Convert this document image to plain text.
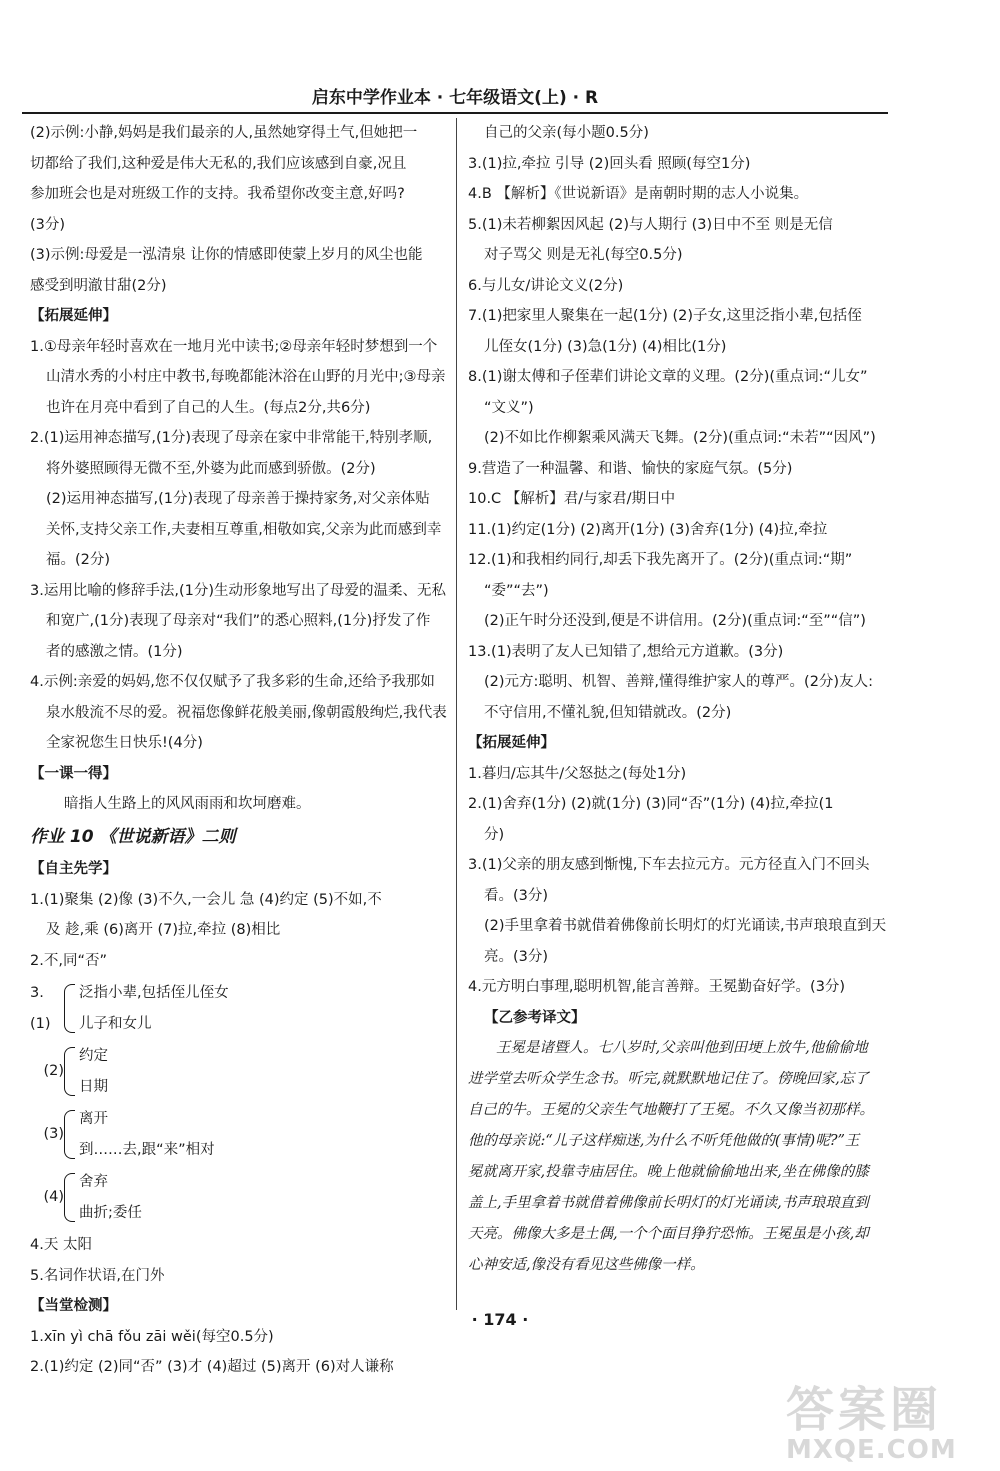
启东中学作业本 · 七年级语文(上) · R

(2)示例:小静,妈妈是我们最亲的人,虽然她穿得土气,但她把一

切都给了我们,这种爱是伟大无私的,我们应该感到自豪,况且

参加班会也是对班级工作的支持。我希望你改变主意,好吗?

(3分)

(3)示例:母爱是一泓清泉 让你的情感即使蒙上岁月的风尘也能

感受到明澈甘甜(2分)

【拓展延伸】

1.①母亲年轻时喜欢在一地月光中读书;②母亲年轻时梦想到一个

山清水秀的小村庄中教书,每晚都能沐浴在山野的月光中;③母亲

也许在月亮中看到了自己的人生。(每点2分,共6分)

2.(1)运用神态描写,(1分)表现了母亲在家中非常能干,特别孝顺,

将外婆照顾得无微不至,外婆为此而感到骄傲。(2分)

(2)运用神态描写,(1分)表现了母亲善于操持家务,对父亲体贴

关怀,支持父亲工作,夫妻相互尊重,相敬如宾,父亲为此而感到幸

福。(2分)

3.运用比喻的修辞手法,(1分)生动形象地写出了母爱的温柔、无私

和宽广,(1分)表现了母亲对“我们”的悉心照料,(1分)抒发了作

者的感激之情。(1分)

4.示例:亲爱的妈妈,您不仅仅赋予了我多彩的生命,还给予我那如

泉水般流不尽的爱。祝福您像鲜花般美丽,像朝霞般绚烂,我代表

全家祝您生日快乐!(4分)

【一课一得】

暗指人生路上的风风雨雨和坎坷磨难。

作业 10 《世说新语》二则

【自主先学】

1.(1)聚集 (2)像 (3)不久,一会儿 急 (4)约定 (5)不如,不

及 趁,乘 (6)离开 (7)拉,牵拉 (8)相比

2.不,同“否”

3.(1)
泛指小辈,包括侄儿侄女
儿子和女儿
(2)
约定
日期
(3)
离开
到……去,跟“来”相对
(4)
舍弃
曲折;委任

4.天 太阳

5.名词作状语,在门外

【当堂检测】

1.xīn yì chā fǒu zāi wěi(每空0.5分)

2.(1)约定 (2)同“否” (3)才 (4)超过 (5)离开 (6)对人谦称

自己的父亲(每小题0.5分)

3.(1)拉,牵拉 引导 (2)回头看 照顾(每空1分)

4.B 【解析】《世说新语》是南朝时期的志人小说集。

5.(1)未若柳絮因风起 (2)与人期行 (3)日中不至 则是无信

对子骂父 则是无礼(每空0.5分)

6.与儿女/讲论文义(2分)

7.(1)把家里人聚集在一起(1分) (2)子女,这里泛指小辈,包括侄

儿侄女(1分) (3)急(1分) (4)相比(1分)

8.(1)谢太傅和子侄辈们讲论文章的义理。(2分)(重点词:“儿女”

“文义”)

(2)不如比作柳絮乘风满天飞舞。(2分)(重点词:“未若”“因风”)

9.营造了一种温馨、和谐、愉快的家庭气氛。(5分)

10.C 【解析】君/与家君/期日中

11.(1)约定(1分) (2)离开(1分) (3)舍弃(1分) (4)拉,牵拉

12.(1)和我相约同行,却丢下我先离开了。(2分)(重点词:“期”

“委”“去”)

(2)正午时分还没到,便是不讲信用。(2分)(重点词:“至”“信”)

13.(1)表明了友人已知错了,想给元方道歉。(3分)

(2)元方:聪明、机智、善辩,懂得维护家人的尊严。(2分)友人:

不守信用,不懂礼貌,但知错就改。(2分)

【拓展延伸】

1.暮归/忘其牛/父怒挞之(每处1分)

2.(1)舍弃(1分) (2)就(1分) (3)同“否”(1分) (4)拉,牵拉(1

分)

3.(1)父亲的朋友感到惭愧,下车去拉元方。元方径直入门不回头

看。(3分)

(2)手里拿着书就借着佛像前长明灯的灯光诵读,书声琅琅直到天

亮。(3分)

4.元方明白事理,聪明机智,能言善辩。王冕勤奋好学。(3分)

【乙参考译文】

王冕是诸暨人。七八岁时,父亲叫他到田埂上放牛,他偷偷地

进学堂去听众学生念书。听完,就默默地记住了。傍晚回家,忘了

自己的牛。王冕的父亲生气地鞭打了王冕。不久又像当初那样。

他的母亲说:“儿子这样痴迷,为什么不听凭他做的(事情)呢?”王

冕就离开家,投靠寺庙居住。晚上他就偷偷地出来,坐在佛像的膝

盖上,手里拿着书就借着佛像前长明灯的灯光诵读,书声琅琅直到

天亮。佛像大多是土偶,一个个面目狰狞恐怖。王冕虽是小孩,却

心神安适,像没有看见这些佛像一样。

· 174 ·
答案圈
MXQE.COM
